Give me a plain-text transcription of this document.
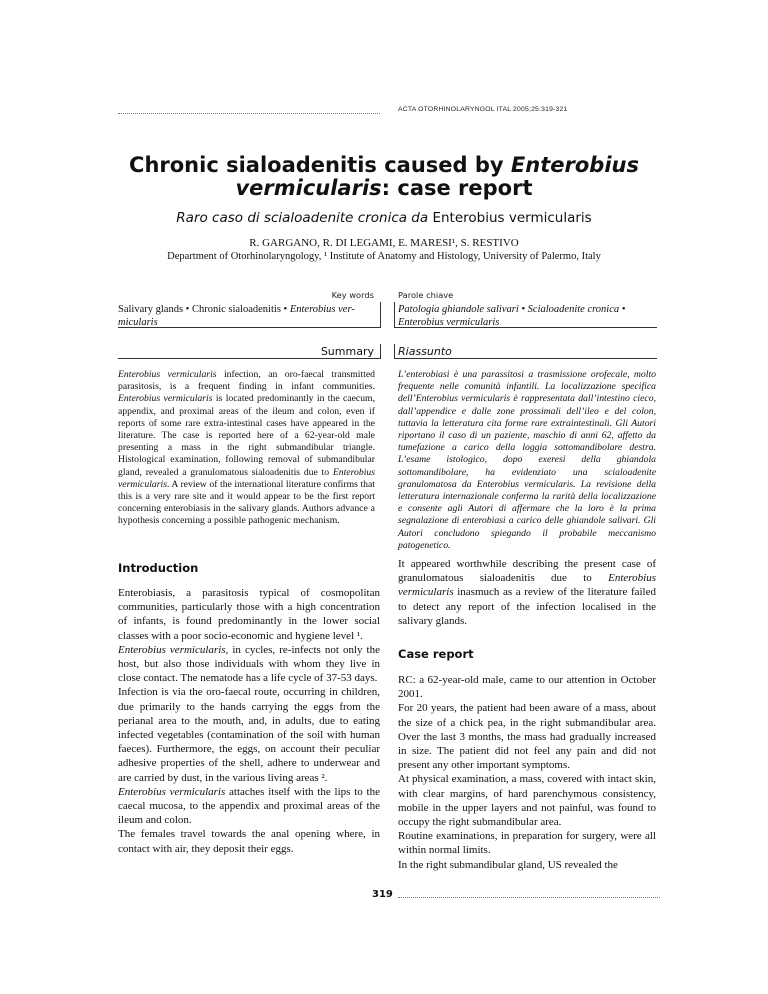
ACTA OTORHINOLARYNGOL ITAL 2005;25:319-321
Chronic sialoadenitis caused by Enterobius
vermicularis: case report
Raro caso di scialoadenite cronica da Enterobius vermicularis
R. GARGANO, R. DI LEGAMI, E. MARESI¹, S. RESTIVO
Department of Otorhinolaryngology, ¹ Institute of Anatomy and Histology, University of Palermo, Italy
Key words
Salivary glands • Chronic sialoadenitis • Enterobius ver-
micularis
Parole chiave
Patologia ghiandole salivari • Scialoadenite cronica • Enterobius vermicularis
Summary	Riassunto
Enterobius vermicularis infection, an oro-faecal transmitted parasitosis, is a frequent finding in infant communities. Enterobius vermicularis is located predominantly in the caecum, appendix, and proximal areas of the ileum and colon, even if reports of some rare extra-intestinal cases have appeared in the literature. The case is reported here of a 62-year-old male presenting a mass in the right submandibular triangle. Histological examination, following removal of submandibular gland, revealed a granulomatous sialoadenitis due to Enterobius vermicularis. A review of the international literature confirms that this is a very rare site and it would appear to be the first report concerning enterobiasis in the salivary glands. Authors advance a hypothesis concerning a possible pathogenic mechanism.
L’enterobiasi è una parassitosi a trasmissione orofecale, molto frequente nelle comunità infantili. La localizzazione specifica dell’Enterobius vermicularis è rappresentata dall’intestino cieco, dall’appendice e dalle zone prossimali dell’ileo e del colon, tuttavia la letteratura cita forme rare extraintestinali. Gli Autori riportano il caso di un paziente, maschio di anni 62, affetto da tumefazione a carico della loggia sottomandibolare destra. L’esame istologico, dopo exeresi della ghiandola sottomandibolare, ha evidenziato una scialoadenite granulomatosa da Enterobius vermicularis. La revisione della letteratura internazionale conferma la rarità della localizzazione e consente agli Autori di affermare che la loro è la prima segnalazione di enterobiasi a carico delle ghiandole salivari. Gli Autori concludono spiegando il probabile meccanismo patogenetico.
Introduction

Enterobiasis, a parasitosis typical of cosmopolitan communities, particularly those with a high concentration of infants, is found predominantly in the lower social classes with a poor socio-economic and hygiene level ¹.

Enterobius vermicularis, in cycles, re-infects not only the host, but also those individuals with whom they live in close contact. The nematode has a life cycle of 37-53 days.

Infection is via the oro-faecal route, occurring in children, due primarily to the hands carrying the eggs from the perianal area to the mouth, and, in adults, due to eating infected vegetables (contamination of the soil with human faeces). Furthermore, the eggs, on account their peculiar adhesive properties of the shell, adhere to underwear and are carried by dust, in the various living areas ².

Enterobius vermicularis attaches itself with the lips to the caecal mucosa, to the appendix and proximal areas of the ileum and colon.

The females travel towards the anal opening where, in contact with air, they deposit their eggs.

It appeared worthwhile describing the present case of granulomatous sialoadenitis due to Enterobius vermicularis inasmuch as a review of the literature failed to detect any report of the infection localised in the salivary glands.
Case report

RC: a 62-year-old male, came to our attention in October 2001.

For 20 years, the patient had been aware of a mass, about the size of a chick pea, in the right submandibular area. Over the last 3 months, the mass had gradually increased in size. The patient did not feel any pain and did not present any other important symptoms.

At physical examination, a mass, covered with intact skin, with clear margins, of hard parenchymous consistency, mobile in the upper layers and not painful, was found to occupy the right submandibular area.

Routine examinations, in preparation for surgery, were all within normal limits.

In the right submandibular gland, US revealed the

319
